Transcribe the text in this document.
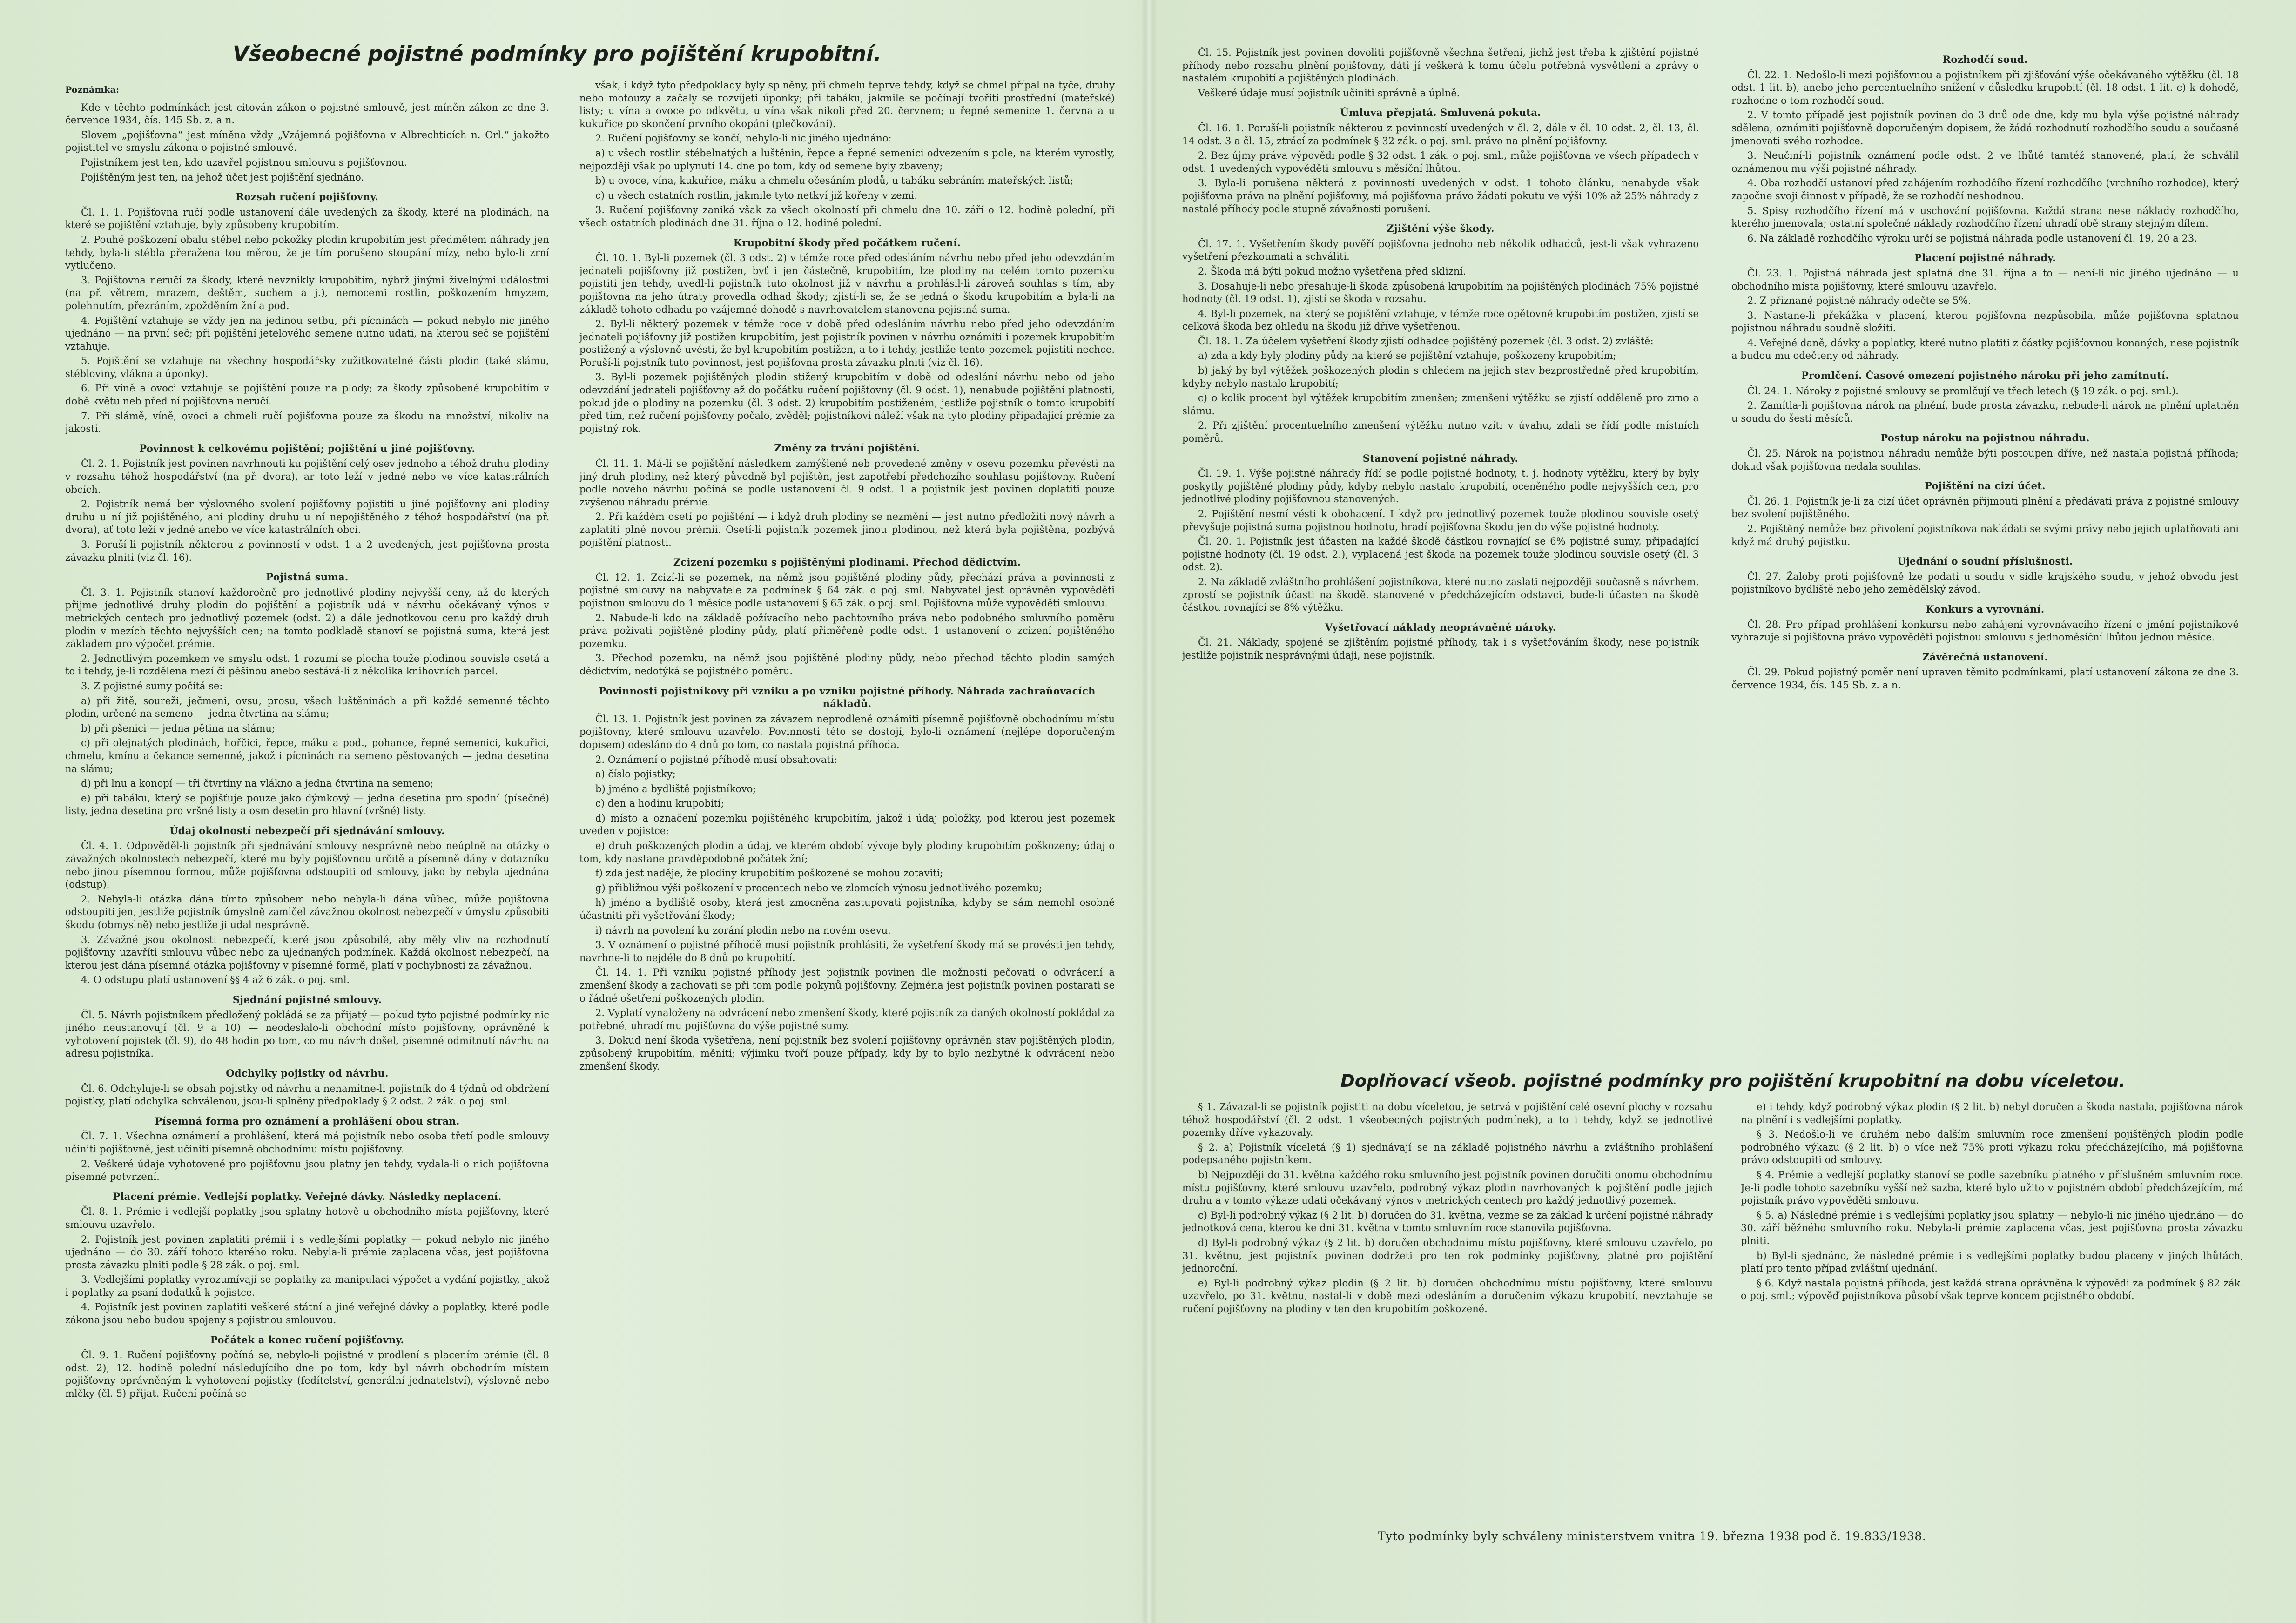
Všeobecné pojistné podmínky pro pojištění krupobitní.
Poznámka:
Kde v těchto podmínkách jest citován zákon o pojistné smlouvě, jest míněn zákon ze dne 3. července 1934, čís. 145 Sb. z. a n.
Slovem „pojišťovna“ jest míněna vždy „Vzájemná pojišťovna v Albrechticích n. Orl.“ jakožto pojistitel ve smyslu zákona o pojistné smlouvě.
Pojistníkem jest ten, kdo uzavřel pojistnou smlouvu s pojišťovnou.
Pojištěným jest ten, na jehož účet jest pojištění sjednáno.
Rozsah ručení pojišťovny.
Čl. 1. 1. Pojišťovna ručí podle ustanovení dále uvedených za škody, které na plodinách, na které se pojištění vztahuje, byly způsobeny krupobitím.
2. Pouhé poškození obalu stébel nebo pokožky plodin krupobitím jest předmětem náhrady jen tehdy, byla-li stébla přeražena tou měrou, že je tím porušeno stoupání mízy, nebo bylo-li zrní vytlučeno.
3. Pojišťovna neručí za škody, které nevznikly krupobitím, nýbrž jinými živelnými událostmi (na př. větrem, mrazem, deštěm, suchem a j.), nemocemi rostlin, poškozením hmyzem, polehnutím, přezráním, zpožděním žní a pod.
4. Pojištění vztahuje se vždy jen na jedinou setbu, při pícninách — pokud nebylo nic jiného ujednáno — na první seč; při pojištění jetelového semene nutno udati, na kterou seč se pojištění vztahuje.
5. Pojištění se vztahuje na všechny hospodářsky zužitkovatelné části plodin (také slámu, stébloviny, vlákna a úponky).
6. Při vině a ovoci vztahuje se pojištění pouze na plody; za škody způsobené krupobitím v době květu neb před ní pojišťovna neručí.
7. Při slámě, víně, ovoci a chmeli ručí pojišťovna pouze za škodu na množství, nikoliv na jakosti.
Povinnost k celkovému pojištění; pojištění u jiné pojišťovny.
Čl. 2. 1. Pojistník jest povinen navrhnouti ku pojištění celý osev jednoho a téhož druhu plodiny v rozsahu téhož hospodářství (na př. dvora), ar toto leží v jedné nebo ve více katastrálních obcích.
2. Pojistník nemá ber výslovného svolení pojišťovny pojistiti u jiné pojišťovny ani plodiny druhu u ní již pojištěného, ani plodiny druhu u ní nepojištěného z téhož hospodářství (na př. dvora), ať toto leží v jedné anebo ve více katastrálních obcí.
3. Poruší-li pojistník některou z povinností v odst. 1 a 2 uvedených, jest pojišťovna prosta závazku plniti (viz čl. 16).
Pojistná suma.
Čl. 3. 1. Pojistník stanoví každoročně pro jednotlivé plodiny nejvyšší ceny, až do kterých přijme jednotlivé druhy plodin do pojištění a pojistník udá v návrhu očekávaný výnos v metrických centech pro jednotlivý pozemek (odst. 2) a dále jednotkovou cenu pro každý druh plodin v mezích těchto nejvyšších cen; na tomto podkladě stanoví se pojistná suma, která jest základem pro výpočet prémie.
2. Jednotlivým pozemkem ve smyslu odst. 1 rozumí se plocha touže plodinou souvisle osetá a to i tehdy, je-li rozdělena mezí či pěšinou anebo sestává-li z několika knihovních parcel.
3. Z pojistné sumy počítá se:
a) při žitě, soureži, ječmeni, ovsu, prosu, všech luštěninách a při každé semenné těchto plodin, určené na semeno — jedna čtvrtina na slámu;
b) při pšenici — jedna pětina na slámu;
c) při olejnatých plodinách, hořčici, řepce, máku a pod., pohance, řepné semenici, kukuřici, chmelu, kmínu a čekance semenné, jakož i pícninách na semeno pěstovaných — jedna desetina na slámu;
d) při lnu a konopí — tři čtvrtiny na vlákno a jedna čtvrtina na semeno;
e) při tabáku, který se pojišťuje pouze jako dýmkový — jedna desetina pro spodní (písečné) listy, jedna desetina pro vršné listy a osm desetin pro hlavní (vršné) listy.
Údaj okolností nebezpečí při sjednávání smlouvy.
Čl. 4. 1. Odpověděl-li pojistník při sjednávání smlouvy nesprávně nebo neúplně na otázky o závažných okolnostech nebezpečí, které mu byly pojišťovnou určitě a písemně dány v dotazníku nebo jinou písemnou formou, může pojišťovna odstoupiti od smlouvy, jako by nebyla ujednána (odstup).
2. Nebyla-li otázka dána tímto způsobem nebo nebyla-li dána vůbec, může pojišťovna odstoupiti jen, jestliže pojistník úmyslně zamlčel závažnou okolnost nebezpečí v úmyslu způsobiti škodu (obmyslně) nebo jestliže ji udal nesprávně.
3. Závažné jsou okolnosti nebezpečí, které jsou způsobilé, aby měly vliv na rozhodnutí pojišťovny uzavříti smlouvu vůbec nebo za ujednaných podmínek. Každá okolnost nebezpečí, na kterou jest dána písemná otázka pojišťovny v písemné formě, platí v pochybnosti za závažnou.
4. O odstupu platí ustanovení §§ 4 až 6 zák. o poj. sml.
Sjednání pojistné smlouvy.
Čl. 5. Návrh pojistníkem předložený pokládá se za přijatý — pokud tyto pojistné podmínky nic jiného neustanovují (čl. 9 a 10) — neodeslalo-li obchodní místo pojišťovny, oprávněné k vyhotovení pojistek (čl. 9), do 48 hodin po tom, co mu návrh došel, písemné odmítnutí návrhu na adresu pojistníka.
Odchylky pojistky od návrhu.
Čl. 6. Odchyluje-li se obsah pojistky od návrhu a nenamítne-li pojistník do 4 týdnů od obdržení pojistky, platí odchylka schválenou, jsou-li splněny předpoklady § 2 odst. 2 zák. o poj. sml.
Písemná forma pro oznámení a prohlášení obou stran.
Čl. 7. 1. Všechna oznámení a prohlášení, která má pojistník nebo osoba třetí podle smlouvy učiniti pojišťovně, jest učiniti písemně obchodnímu místu pojišťovny.
2. Veškeré údaje vyhotovené pro pojišťovnu jsou platny jen tehdy, vydala-li o nich pojišťovna písemné potvrzení.
Placení prémie. Vedlejší poplatky. Veřejné dávky. Následky neplacení.
Čl. 8. 1. Prémie i vedlejší poplatky jsou splatny hotově u obchodního místa pojišťovny, které smlouvu uzavřelo.
2. Pojistník jest povinen zaplatiti prémii i s vedlejšími poplatky — pokud nebylo nic jiného ujednáno — do 30. září tohoto kterého roku. Nebyla-li prémie zaplacena včas, jest pojišťovna prosta závazku plniti podle § 28 zák. o poj. sml.
3. Vedlejšími poplatky vyrozumívají se poplatky za manipulaci výpočet a vydání pojistky, jakož i poplatky za psaní dodatků k pojistce.
4. Pojistník jest povinen zaplatiti veškeré státní a jiné veřejné dávky a poplatky, které podle zákona jsou nebo budou spojeny s pojistnou smlouvou.
Počátek a konec ručení pojišťovny.
Čl. 9. 1. Ručení pojišťovny počíná se, nebylo-li pojistné v prodlení s placením prémie (čl. 8 odst. 2), 12. hodině polední následujícího dne po tom, kdy byl návrh obchodním místem pojišťovny oprávněným k vyhotovení pojistky (fedítelství, generální jednatelství), výslovně nebo mlčky (čl. 5) přijat. Ručení počíná se
však, i když tyto předpoklady byly splněny, při chmelu teprve tehdy, když se chmel přípal na tyče, druhy nebo motouzy a začaly se rozvíjeti úponky; při tabáku, jakmile se počínají tvořiti prostřední (mateřské) listy; u vína a ovoce po odkvětu, u vína však nikoli před 20. červnem; u řepné semenice 1. června a u kukuřice po skončení prvního okopání (plečkování).
2. Ručení pojišťovny se končí, nebylo-li nic jiného ujednáno:
a) u všech rostlin stébelnatých a luštěnin, řepce a řepné semenici odvezením s pole, na kterém vyrostly, nejpozději však po uplynutí 14. dne po tom, kdy od semene byly zbaveny;
b) u ovoce, vína, kukuřice, máku a chmelu očesáním plodů, u tabáku sebráním mateřských listů;
c) u všech ostatních rostlin, jakmile tyto netkví již kořeny v zemi.
3. Ručení pojišťovny zaniká však za všech okolností při chmelu dne 10. září o 12. hodině polední, při všech ostatních plodinách dne 31. října o 12. hodině polední.
Krupobitní škody před počátkem ručení.
Čl. 10. 1. Byl-li pozemek (čl. 3 odst. 2) v témže roce před odesláním návrhu nebo před jeho odevzdáním jednateli pojišťovny již postižen, byť i jen částečně, krupobitím, lze plodiny na celém tomto pozemku pojistiti jen tehdy, uvedl-li pojistník tuto okolnost již v návrhu a prohlásil-li zároveň souhlas s tím, aby pojišťovna na jeho útraty provedla odhad škody; zjistí-li se, že se jedná o škodu krupobitím a byla-li na základě tohoto odhadu po vzájemné dohodě s navrhovatelem stanovena pojistná suma.
2. Byl-li některý pozemek v témže roce v době před odesláním návrhu nebo před jeho odevzdáním jednateli pojišťovny již postižen krupobitím, jest pojistník povinen v návrhu oznámiti i pozemek krupobitím postižený a výslovně uvésti, že byl krupobitím postižen, a to i tehdy, jestliže tento pozemek pojistiti nechce. Poruší-li pojistník tuto povinnost, jest pojišťovna prosta závazku plniti (viz čl. 16).
3. Byl-li pozemek pojištěných plodin stižený krupobitím v době od odeslání návrhu nebo od jeho odevzdání jednateli pojišťovny až do počátku ručení pojišťovny (čl. 9 odst. 1), nenabude pojištění platnosti, pokud jde o plodiny na pozemku (čl. 3 odst. 2) krupobitím postiženém, jestliže pojistník o tomto krupobití před tím, než ručení pojišťovny počalo, zvěděl; pojistníkovi náleží však na tyto plodiny připadající prémie za pojistný rok.
Změny za trvání pojištění.
Čl. 11. 1. Má-li se pojištění následkem zamýšlené neb provedené změny v osevu pozemku převésti na jiný druh plodiny, než který původně byl pojištěn, jest zapotřebí předchozího souhlasu pojišťovny. Ručení podle nového návrhu počíná se podle ustanovení čl. 9 odst. 1 a pojistník jest povinen doplatiti pouze zvýšenou náhradu prémie.
2. Při každém osetí po pojištění — i když druh plodiny se nezmění — jest nutno předložiti nový návrh a zaplatiti plné novou prémii. Osetí-li pojistník pozemek jinou plodinou, než která byla pojištěna, pozbývá pojištění platnosti.
Zcizení pozemku s pojištěnými plodinami. Přechod dědictvím.
Čl. 12. 1. Zcizí-li se pozemek, na němž jsou pojištěné plodiny půdy, přechází práva a povinnosti z pojistné smlouvy na nabyvatele za podmínek § 64 zák. o poj. sml. Nabyvatel jest oprávněn vypověděti pojistnou smlouvu do 1 měsíce podle ustanovení § 65 zák. o poj. sml. Pojišťovna může vypověděti smlouvu.
2. Nabude-li kdo na základě požívacího nebo pachtovního práva nebo podobného smluvního poměru práva požívati pojištěné plodiny půdy, platí přiměřeně podle odst. 1 ustanovení o zcizení pojištěného pozemku.
3. Přechod pozemku, na němž jsou pojištěné plodiny půdy, nebo přechod těchto plodin samých dědictvím, nedotýká se pojistného poměru.
Povinnosti pojistníkovy při vzniku a po vzniku pojistné příhody. Náhrada zachraňovacích nákladů.
Čl. 13. 1. Pojistník jest povinen za závazem neprodleně oznámiti písemně pojišťovně obchodnímu místu pojišťovny, které smlouvu uzavřelo. Povinnosti této se dostojí, bylo-li oznámení (nejlépe doporučeným dopisem) odesláno do 4 dnů po tom, co nastala pojistná příhoda.
2. Oznámení o pojistné příhodě musí obsahovati:
a) číslo pojistky;
b) jméno a bydliště pojistníkovo;
c) den a hodinu krupobití;
d) místo a označení pozemku pojištěného krupobitím, jakož i údaj položky, pod kterou jest pozemek uveden v pojistce;
e) druh poškozených plodin a údaj, ve kterém období vývoje byly plodiny krupobitím poškozeny; údaj o tom, kdy nastane pravděpodobně počátek žní;
f) zda jest naděje, že plodiny krupobitím poškozené se mohou zotaviti;
g) přibližnou výši poškození v procentech nebo ve zlomcích výnosu jednotlivého pozemku;
h) jméno a bydliště osoby, která jest zmocněna zastupovati pojistníka, kdyby se sám nemohl osobně účastniti při vyšetřování škody;
i) návrh na povolení ku zorání plodin nebo na novém osevu.
3. V oznámení o pojistné příhodě musí pojistník prohlásiti, že vyšetření škody má se provésti jen tehdy, navrhne-li to nejdéle do 8 dnů po krupobití.
Čl. 14. 1. Při vzniku pojistné příhody jest pojistník povinen dle možnosti pečovati o odvrácení a zmenšení škody a zachovati se při tom podle pokynů pojišťovny. Zejména jest pojistník povinen postarati se o řádné ošetření poškozených plodin.
2. Vyplatí vynaloženy na odvrácení nebo zmenšení škody, které pojistník za daných okolností pokládal za potřebné, uhradí mu pojišťovna do výše pojistné sumy.
3. Dokud není škoda vyšetřena, není pojistník bez svolení pojišťovny oprávněn stav pojištěných plodin, způsobený krupobitím, měniti; výjimku tvoří pouze případy, kdy by to bylo nezbytné k odvrácení nebo zmenšení škody.
Čl. 15. Pojistník jest povinen dovoliti pojišťovně všechna šetření, jichž jest třeba k zjištění pojistné příhody nebo rozsahu plnění pojišťovny, dáti jí veškerá k tomu účelu potřebná vysvětlení a zprávy o nastalém krupobití a pojištěných plodinách.
Veškeré údaje musí pojistník učiniti správně a úplně.
Úmluva přepjatá. Smluvená pokuta.
Čl. 16. 1. Poruší-li pojistník některou z povinností uvedených v čl. 2, dále v čl. 10 odst. 2, čl. 13, čl. 14 odst. 3 a čl. 15, ztrácí za podmínek § 32 zák. o poj. sml. právo na plnění pojišťovny.
2. Bez újmy práva výpovědi podle § 32 odst. 1 zák. o poj. sml., může pojišťovna ve všech případech v odst. 1 uvedených vypověděti smlouvu s měsíční lhůtou.
3. Byla-li porušena některá z povinností uvedených v odst. 1 tohoto článku, nenabyde však pojišťovna práva na plnění pojišťovny, má pojišťovna právo žádati pokutu ve výši 10% až 25% náhrady z nastalé příhody podle stupně závažnosti porušení.
Zjištění výše škody.
Čl. 17. 1. Vyšetřením škody pověří pojišťovna jednoho neb několik odhadců, jest-li však vyhrazeno vyšetření přezkoumati a schváliti.
2. Škoda má býti pokud možno vyšetřena před sklizní.
3. Dosahuje-li nebo přesahuje-li škoda způsobená krupobitím na pojištěných plodinách 75% pojistné hodnoty (čl. 19 odst. 1), zjistí se škoda v rozsahu.
4. Byl-li pozemek, na který se pojištění vztahuje, v témže roce opětovně krupobitím postižen, zjistí se celková škoda bez ohledu na škodu již dříve vyšetřenou.
Čl. 18. 1. Za účelem vyšetření škody zjistí odhadce pojištěný pozemek (čl. 3 odst. 2) zvláště:
a) zda a kdy byly plodiny půdy na které se pojištění vztahuje, poškozeny krupobitím;
b) jaký by byl výtěžek poškozených plodin s ohledem na jejich stav bezprostředně před krupobitím, kdyby nebylo nastalo krupobití;
c) o kolik procent byl výtěžek krupobitím zmenšen; zmenšení výtěžku se zjistí odděleně pro zrno a slámu.
2. Při zjištění procentuelního zmenšení výtěžku nutno vzíti v úvahu, zdali se řídí podle místních poměrů.
Stanovení pojistné náhrady.
Čl. 19. 1. Výše pojistné náhrady řídí se podle pojistné hodnoty, t. j. hodnoty výtěžku, který by byly poskytly pojištěné plodiny půdy, kdyby nebylo nastalo krupobití, oceněného podle nejvyšších cen, pro jednotlivé plodiny pojišťovnou stanovených.
2. Pojištění nesmí vésti k obohacení. I když pro jednotlivý pozemek touže plodinou souvisle osetý převyšuje pojistná suma pojistnou hodnotu, hradí pojišťovna škodu jen do výše pojistné hodnoty.
Čl. 20. 1. Pojistník jest účasten na každé škodě částkou rovnající se 6% pojistné sumy, připadající pojistné hodnoty (čl. 19 odst. 2.), vyplacená jest škoda na pozemek touže plodinou souvisle osetý (čl. 3 odst. 2).
2. Na základě zvláštního prohlášení pojistníkova, které nutno zaslati nejpozději současně s návrhem, zprostí se pojistník účasti na škodě, stanovené v předcházejícím odstavci, bude-li účasten na škodě částkou rovnající se 8% výtěžku.
Vyšetřovací náklady neoprávněné nároky.
Čl. 21. Náklady, spojené se zjištěním pojistné příhody, tak i s vyšetřováním škody, nese pojistník jestliže pojistník nesprávnými údaji, nese pojistník.
Rozhodčí soud.
Čl. 22. 1. Nedošlo-li mezi pojišťovnou a pojistníkem při zjišťování výše očekávaného výtěžku (čl. 18 odst. 1 lit. b), anebo jeho percentuelního snížení v důsledku krupobití (čl. 18 odst. 1 lit. c) k dohodě, rozhodne o tom rozhodčí soud.
2. V tomto případě jest pojistník povinen do 3 dnů ode dne, kdy mu byla výše pojistné náhrady sdělena, oznámiti pojišťovně doporučeným dopisem, že žádá rozhodnutí rozhodčího soudu a současně jmenovati svého rozhodce.
3. Neučiní-li pojistník oznámení podle odst. 2 ve lhůtě tamtéž stanovené, platí, že schválil oznámenou mu výši pojistné náhrady.
4. Oba rozhodčí ustanoví před zahájením rozhodčího řízení rozhodčího (vrchního rozhodce), který započne svoji činnost v případě, že se rozhodčí neshodnou.
5. Spisy rozhodčího řízení má v uschování pojišťovna. Každá strana nese náklady rozhodčího, kterého jmenovala; ostatní společné náklady rozhodčího řízení uhradí obě strany stejným dílem.
6. Na základě rozhodčího výroku určí se pojistná náhrada podle ustanovení čl. 19, 20 a 23.
Placení pojistné náhrady.
Čl. 23. 1. Pojistná náhrada jest splatná dne 31. října a to — není-li nic jiného ujednáno — u obchodního místa pojišťovny, které smlouvu uzavřelo.
2. Z přiznané pojistné náhrady odečte se 5%.
3. Nastane-li překážka v placení, kterou pojišťovna nezpůsobila, může pojišťovna splatnou pojistnou náhradu soudně složiti.
4. Veřejné daně, dávky a poplatky, které nutno platiti z částky pojišťovnou konaných, nese pojistník a budou mu odečteny od náhrady.
Promlčení. Časové omezení pojistného nároku při jeho zamítnutí.
Čl. 24. 1. Nároky z pojistné smlouvy se promlčují ve třech letech (§ 19 zák. o poj. sml.).
2. Zamítla-li pojišťovna nárok na plnění, bude prosta závazku, nebude-li nárok na plnění uplatněn u soudu do šesti měsíců.
Postup nároku na pojistnou náhradu.
Čl. 25. Nárok na pojistnou náhradu nemůže býti postoupen dříve, než nastala pojistná příhoda; dokud však pojišťovna nedala souhlas.
Pojištění na cizí účet.
Čl. 26. 1. Pojistník je-li za cizí účet oprávněn přijmouti plnění a předávati práva z pojistné smlouvy bez svolení pojištěného.
2. Pojištěný nemůže bez přivolení pojistníkova nakládati se svými právy nebo jejich uplatňovati ani když má druhý pojistku.
Ujednání o soudní příslušnosti.
Čl. 27. Žaloby proti pojišťovně lze podati u soudu v sídle krajského soudu, v jehož obvodu jest pojistníkovo bydliště nebo jeho zemědělský závod.
Konkurs a vyrovnání.
Čl. 28. Pro případ prohlášení konkursu nebo zahájení vyrovnávacího řízení o jmění pojistníkově vyhrazuje si pojišťovna právo vypověděti pojistnou smlouvu s jednoměsíční lhůtou jednou měsíce.
Závěrečná ustanovení.
Čl. 29. Pokud pojistný poměr není upraven těmito podmínkami, platí ustanovení zákona ze dne 3. července 1934, čís. 145 Sb. z. a n.
Doplňovací všeob. pojistné podmínky pro pojištění krupobitní na dobu víceletou.
§ 1. Závazal-li se pojistník pojistiti na dobu víceletou, je setrvá v pojištění celé osevní plochy v rozsahu téhož hospodářství (čl. 2 odst. 1 všeobecných pojistných podmínek), a to i tehdy, když se jednotlivé pozemky dříve vykazovaly.
§ 2. a) Pojistník víceletá (§ 1) sjednávají se na základě pojistného návrhu a zvláštního prohlášení podepsaného pojistníkem.
b) Nejpozději do 31. května každého roku smluvního jest pojistník povinen doručiti onomu obchodnímu místu pojišťovny, které smlouvu uzavřelo, podrobný výkaz plodin navrhovaných k pojištění podle jejich druhu a v tomto výkaze udati očekávaný výnos v metrických centech pro každý jednotlivý pozemek.
c) Byl-li podrobný výkaz (§ 2 lit. b) doručen do 31. května, vezme se za základ k určení pojistné náhrady jednotková cena, kterou ke dni 31. května v tomto smluvním roce stanovila pojišťovna.
d) Byl-li podrobný výkaz (§ 2 lit. b) doručen obchodnímu místu pojišťovny, které smlouvu uzavřelo, po 31. květnu, jest pojistník povinen dodržeti pro ten rok podmínky pojišťovny, platné pro pojištění jednoroční.
e) Byl-li podrobný výkaz plodin (§ 2 lit. b) doručen obchodnímu místu pojišťovny, které smlouvu uzavřelo, po 31. květnu, nastal-li v době mezi odesláním a doručením výkazu krupobití, nevztahuje se ručení pojišťovny na plodiny v ten den krupobitím poškozené.
e) i tehdy, když podrobný výkaz plodin (§ 2 lit. b) nebyl doručen a škoda nastala, pojišťovna nárok na plnění i s vedlejšími poplatky.
§ 3. Nedošlo-li ve druhém nebo dalším smluvním roce zmenšení pojištěných plodin podle podrobného výkazu (§ 2 lit. b) o více než 75% proti výkazu roku předcházejícího, má pojišťovna právo odstoupiti od smlouvy.
§ 4. Prémie a vedlejší poplatky stanoví se podle sazebníku platného v příslušném smluvním roce. Je-li podle tohoto sazebníku vyšší než sazba, které bylo užito v pojistném období předcházejícím, má pojistník právo vypověděti smlouvu.
§ 5. a) Následné prémie i s vedlejšími poplatky jsou splatny — nebylo-li nic jiného ujednáno — do 30. září běžného smluvního roku. Nebyla-li prémie zaplacena včas, jest pojišťovna prosta závazku plniti.
b) Byl-li sjednáno, že následné prémie i s vedlejšími poplatky budou placeny v jiných lhůtách, platí pro tento případ zvláštní ujednání.
§ 6. Když nastala pojistná příhoda, jest každá strana oprávněna k výpovědi za podmínek § 82 zák. o poj. sml.; výpověď pojistníkova působí však teprve koncem pojistného období.
Tyto podmínky byly schváleny ministerstvem vnitra 19. března 1938 pod č. 19.833/1938.
